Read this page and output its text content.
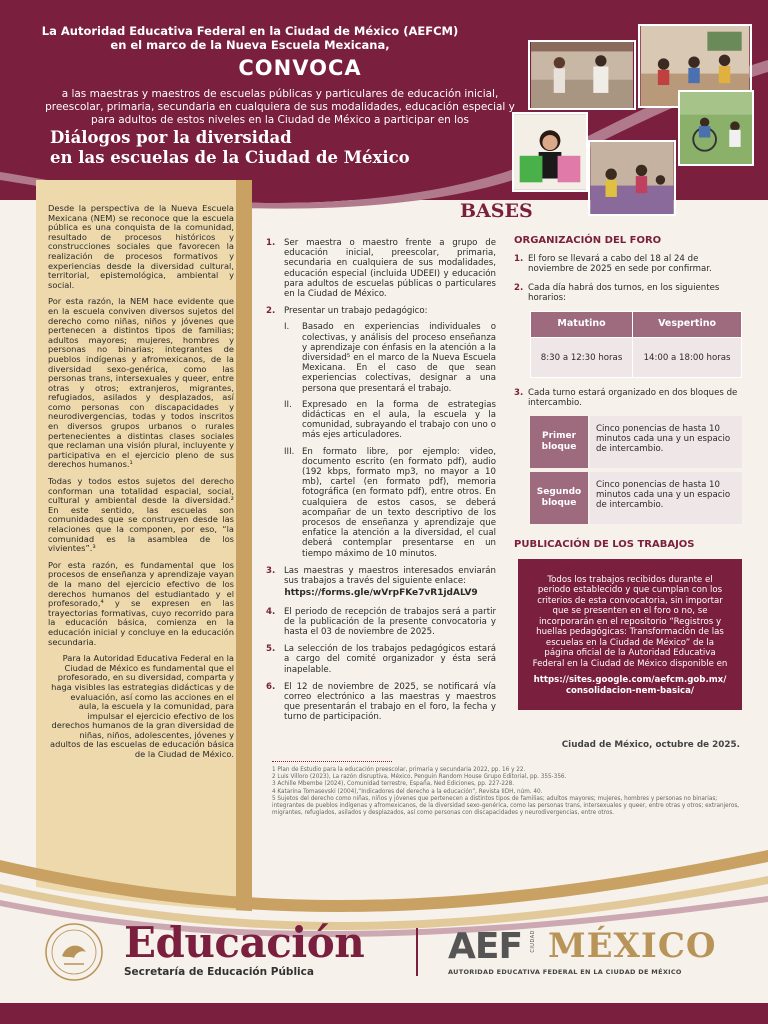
La Autoridad Educativa Federal en la Ciudad de México (AEFCM)
en el marco de la Nueva Escuela Mexicana,
CONVOCA
a las maestras y maestros de escuelas públicas y particulares de educación inicial, preescolar, primaria, secundaria en cualquiera de sus modalidades, educación especial y para adultos de estos niveles en la Ciudad de México a participar en los
Diálogos por la diversidad
en las escuelas de la Ciudad de México

Desde la perspectiva de la Nueva Escuela Mexicana (NEM) se reconoce que la escuela pública es una conquista de la comunidad, resultado de procesos históricos y construcciones sociales que favorecen la realización de procesos formativos y experiencias desde la diversidad cultural, territorial, epistemológica, ambiental y social.

Por esta razón, la NEM hace evidente que en la escuela conviven diversos sujetos del derecho como niñas, niños y jóvenes que pertenecen a distintos tipos de familias; adultos mayores; mujeres, hombres y personas no binarias; integrantes de pueblos indígenas y afromexicanos, de la diversidad sexo-genérica, como las personas trans, intersexuales y queer, entre otras y otros; extranjeros, migrantes, refugiados, asilados y desplazados, así como personas con discapacidades y neurodivergencias, todas y todos inscritos en diversos grupos urbanos o rurales pertenecientes a distintas clases sociales que reclaman una visión plural, incluyente y participativa en el ejercicio pleno de sus derechos humanos.¹

Todas y todos estos sujetos del derecho conforman una totalidad espacial, social, cultural y ambiental desde la diversidad.² En este sentido, las escuelas son comunidades que se construyen desde las relaciones que la componen, por eso, “la comunidad es la asamblea de los vivientes”.³

Por esta razón, es fundamental que los procesos de enseñanza y aprendizaje vayan de la mano del ejercicio efectivo de los derechos humanos del estudiantado y el profesorado,⁴ y se expresen en las trayectorias formativas, cuyo recorrido para la educación básica, comienza en la educación inicial y concluye en la educación secundaria.

Para la Autoridad Educativa Federal en la Ciudad de México es fundamental que el profesorado, en su diversidad, comparta y haga visibles las estrategias didácticas y de evaluación, así como las acciones en el aula, la escuela y la comunidad, para impulsar el ejercicio efectivo de los derechos humanos de la gran diversidad de niñas, niños, adolescentes, jóvenes y adultos de las escuelas de educación básica de la Ciudad de México.

BASES
1.	Ser maestra o maestro frente a grupo de educación inicial, preescolar, primaria, secundaria en cualquiera de sus modalidades, educación especial (incluida UDEEI) y educación para adultos de escuelas públicas o particulares en la Ciudad de México.
2.	Presentar un trabajo pedagógico:
I.	Basado en experiencias individuales o colectivas, y análisis del proceso enseñanza y aprendizaje con énfasis en la atención a la diversidad⁵ en el marco de la Nueva Escuela Mexicana. En el caso de que sean experiencias colectivas, designar a una persona que presentará el trabajo.
II.	Expresado en la forma de estrategias didácticas en el aula, la escuela y la comunidad, subrayando el trabajo con uno o más ejes articuladores.
III. En formato libre, por ejemplo: video, documento escrito (en formato pdf), audio (192 kbps, formato mp3, no mayor a 10 mb), cartel (en formato pdf), memoria fotográfica (en formato pdf), entre otros. En cualquiera de estos casos, se deberá acompañar de un texto descriptivo de los procesos de enseñanza y aprendizaje que enfatice la atención a la diversidad, el cual deberá contemplar presentarse en un tiempo máximo de 10 minutos.
3.	Las maestras y maestros interesados enviarán sus trabajos a través del siguiente enlace:
https://forms.gle/wVrpFKe7vR1jdALV9
4.	El periodo de recepción de trabajos será a partir de la publicación de la presente convocatoria y hasta el 03 de noviembre de 2025.
5.	La selección de los trabajos pedagógicos estará a cargo del comité organizador y ésta será inapelable.
6.	El 12 de noviembre de 2025, se notificará vía correo electrónico a las maestras y maestros que presentarán el trabajo en el foro, la fecha y turno de participación.
ORGANIZACIÓN DEL FORO
1. El foro se llevará a cabo del 18 al 24 de noviembre de 2025 en sede por confirmar.
2. Cada día habrá dos turnos, en los siguientes horarios:
Matutino	Vespertino
8:30 a 12:30 horas	14:00 a 18:00 horas
3. Cada turno estará organizado en dos bloques de intercambio.
Primer bloque
Cinco ponencias de hasta 10 minutos cada una y un espacio de intercambio.
Segundo bloque
Cinco ponencias de hasta 10 minutos cada una y un espacio de intercambio.
PUBLICACIÓN DE LOS TRABAJOS
Todos los trabajos recibidos durante el periodo establecido y que cumplan con los criterios de esta convocatoria, sin importar que se presenten en el foro o no, se incorporarán en el repositorio “Registros y huellas pedagógicas: Transformación de las escuelas en la Ciudad de México” de la página oficial de la Autoridad Educativa Federal en la Ciudad de México disponible en
https://sites.google.com/aefcm.gob.mx/ consolidacion-nem-basica/
Ciudad de México, octubre de 2025.
1 Plan de Estudio para la educación preescolar, primaria y secundaria 2022, pp. 16 y 22.
2 Luis Villoro (2023), La razón disruptiva, México, Penguin Random House Grupo Editorial, pp. 355-356.
3 Achille Mbembe (2024), Comunidad terrestre, España, Ned Ediciones, pp. 227-228.
4 Katarina Tomasevski (2004),“Indicadores del derecho a la educación”, Revista IIDH, núm. 40.
5 Sujetos del derecho como niñas, niños y jóvenes que pertenecen a distintos tipos de familias; adultos mayores; mujeres, hombres y personas no binarias; integrantes de pueblos indígenas y afromexicanos, de la diversidad sexo-genérica, como las personas trans, intersexuales y queer, entre otras y otros; extranjeros, migrantes, refugiados, asilados y desplazados, así como personas con discapacidades y neurodivergencias, entre otros.
Educación
Secretaría de Educación Pública
AEF CIUDAD MÉXICO
AUTORIDAD EDUCATIVA FEDERAL EN LA CIUDAD DE MÉXICO
